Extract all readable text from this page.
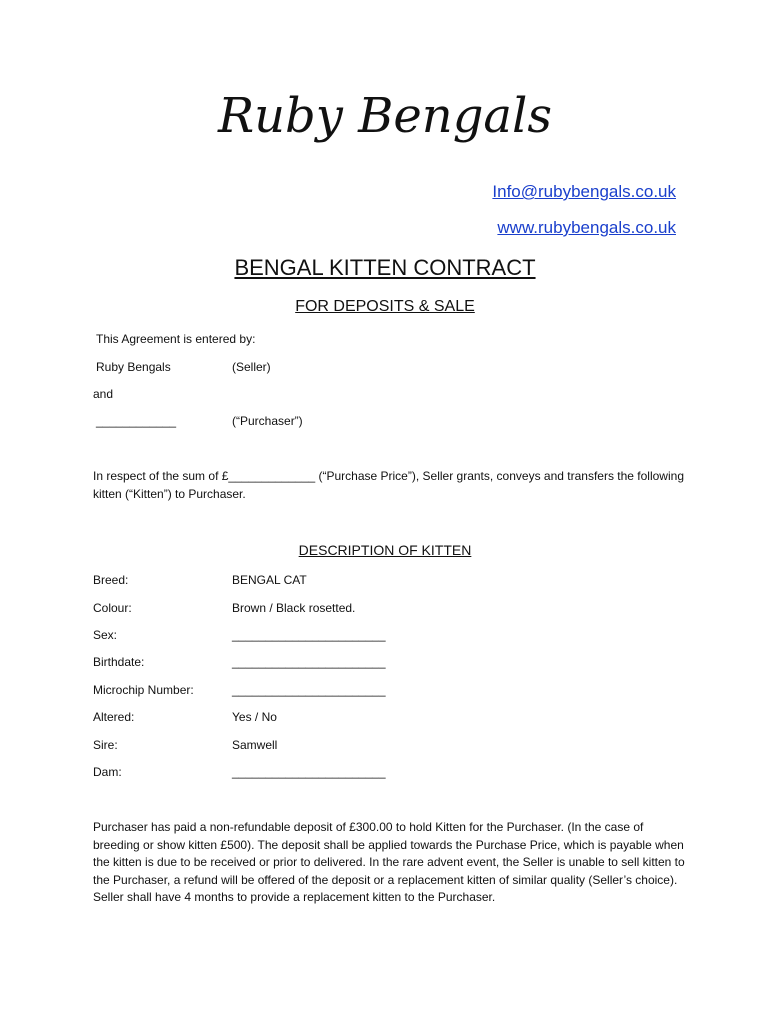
Ruby Bengals
Info@rubybengals.co.uk
www.rubybengals.co.uk
BENGAL KITTEN CONTRACT
FOR DEPOSITS & SALE
This Agreement is entered by:
Ruby Bengals	(Seller)
and
____________	(“Purchaser”)
In respect of the sum of £_____________ (“Purchase Price”), Seller grants, conveys and transfers the following kitten (“Kitten”) to Purchaser.
DESCRIPTION OF KITTEN
Breed:	BENGAL CAT
Colour:	Brown / Black rosetted.
Sex:	_______________________
Birthdate:	_______________________
Microchip Number:	_______________________
Altered:	Yes / No
Sire:	Samwell
Dam:	_______________________
Purchaser has paid a non-refundable deposit of £300.00 to hold Kitten for the Purchaser. (In the case of breeding or show kitten £500). The deposit shall be applied towards the Purchase Price, which is payable when the kitten is due to be received or prior to delivered. In the rare advent event, the Seller is unable to sell kitten to the Purchaser, a refund will be offered of the deposit or a replacement kitten of similar quality (Seller’s choice). Seller shall have 4 months to provide a replacement kitten to the Purchaser.
